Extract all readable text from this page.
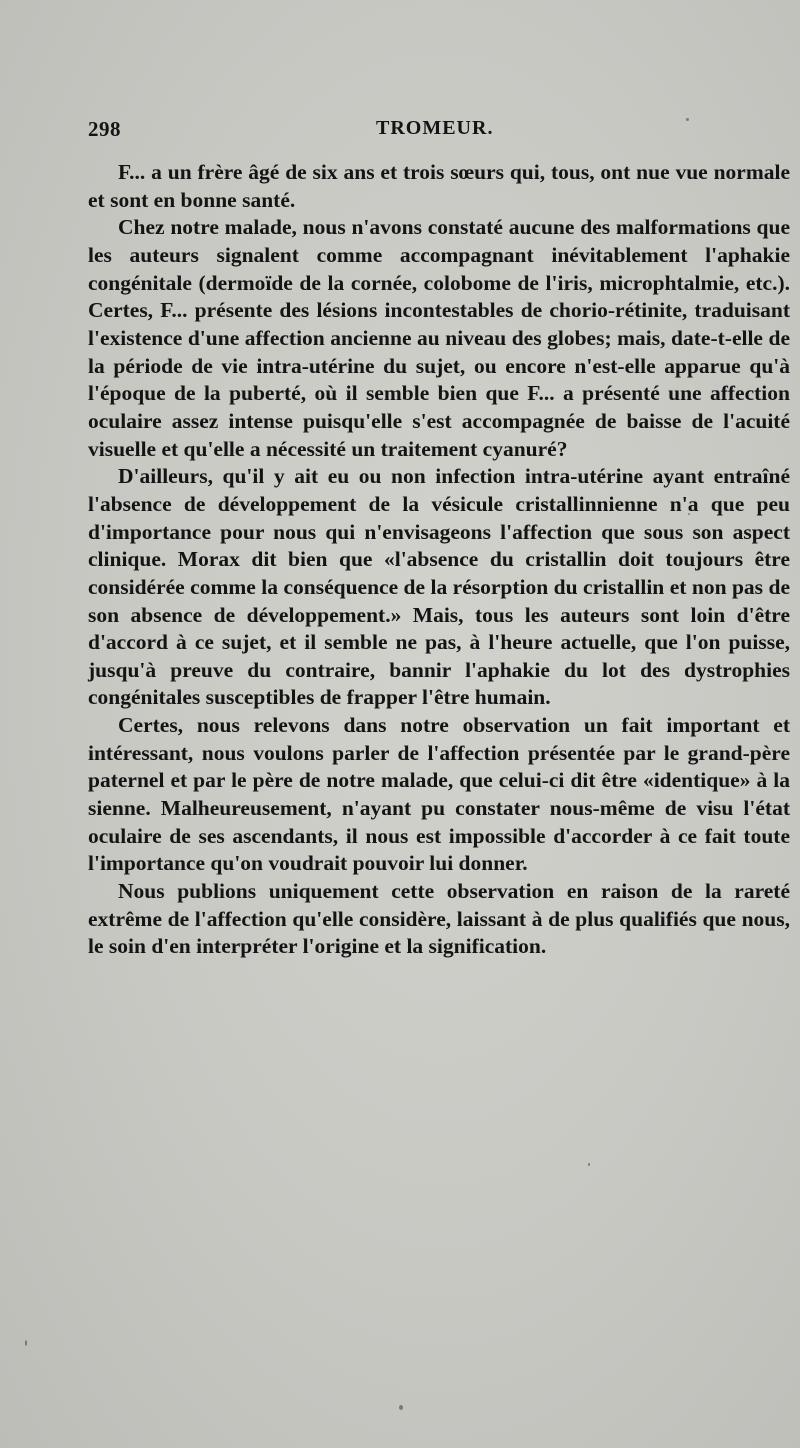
298	TROMEUR.

F... a un frère âgé de six ans et trois sœurs qui, tous, ont nue vue normale et sont en bonne santé.

Chez notre malade, nous n'avons constaté aucune des malformations que les auteurs signalent comme accompagnant inévitablement l'aphakie congénitale (dermoïde de la cornée, colobome de l'iris, microphtalmie, etc.). Certes, F... présente des lésions incontestables de chorio-rétinite, traduisant l'existence d'une affection ancienne au niveau des globes; mais, date-t-elle de la période de vie intra-utérine du sujet, ou encore n'est-elle apparue qu'à l'époque de la puberté, où il semble bien que F... a présenté une affection oculaire assez intense puisqu'elle s'est accompagnée de baisse de l'acuité visuelle et qu'elle a nécessité un traitement cyanuré?

D'ailleurs, qu'il y ait eu ou non infection intra-utérine ayant entraîné l'absence de développement de la vésicule cristallinnienne n'a que peu d'importance pour nous qui n'envisageons l'affection que sous son aspect clinique. Morax dit bien que «l'absence du cristallin doit toujours être considérée comme la conséquence de la résorption du cristallin et non pas de son absence de développement.» Mais, tous les auteurs sont loin d'être d'accord à ce sujet, et il semble ne pas, à l'heure actuelle, que l'on puisse, jusqu'à preuve du contraire, bannir l'aphakie du lot des dystrophies congénitales susceptibles de frapper l'être humain.

Certes, nous relevons dans notre observation un fait important et intéressant, nous voulons parler de l'affection présentée par le grand-père paternel et par le père de notre malade, que celui-ci dit être «identique» à la sienne. Malheureusement, n'ayant pu constater nous-même de visu l'état oculaire de ses ascendants, il nous est impossible d'accorder à ce fait toute l'importance qu'on voudrait pouvoir lui donner.

Nous publions uniquement cette observation en raison de la rareté extrême de l'affection qu'elle considère, laissant à de plus qualifiés que nous, le soin d'en interpréter l'origine et la signification.
